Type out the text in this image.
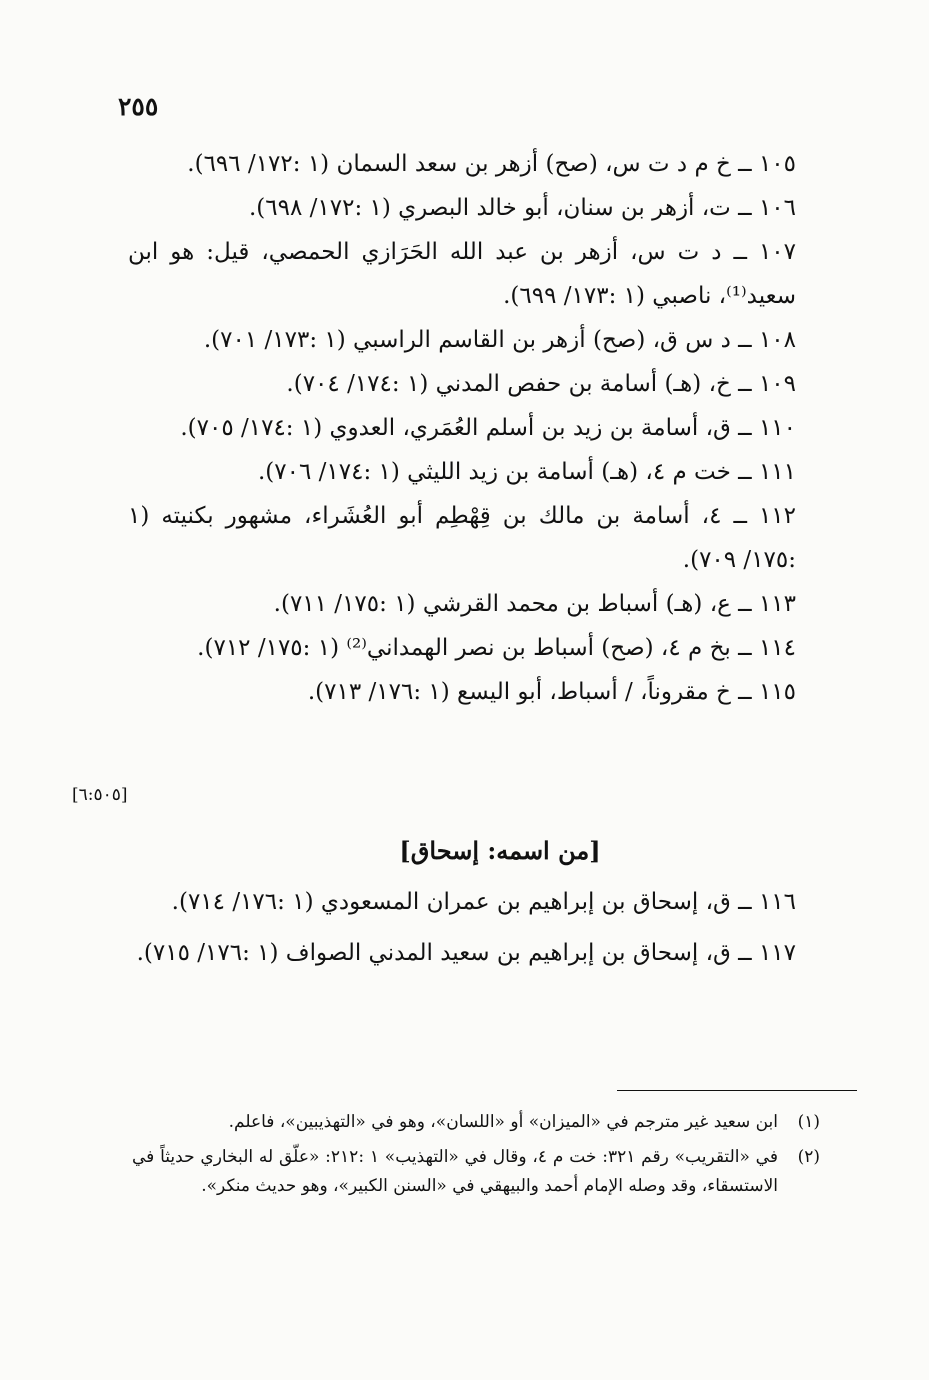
٢٥٥

١٠٥ ــ خ م د ت س، (صح) أزهر بن سعد السمان (١ :١٧٢/ ٦٩٦).

١٠٦ ــ ت، أزهر بن سنان، أبو خالد البصري (١ :١٧٢/ ٦٩٨).

١٠٧ ــ د ت س، أزهر بن عبد الله الحَرَازي الحمصي، قيل: هو ابن سعيد⁽¹⁾، ناصبي (١ :١٧٣/ ٦٩٩).

١٠٨ ــ د س ق، (صح) أزهر بن القاسم الراسبي (١ :١٧٣/ ٧٠١).

١٠٩ ــ خ، (هـ) أسامة بن حفص المدني (١ :١٧٤/ ٧٠٤).

١١٠ ــ ق، أسامة بن زيد بن أسلم العُمَري، العدوي (١ :١٧٤/ ٧٠٥).

١١١ ــ خت م ٤، (هـ) أسامة بن زيد الليثي (١ :١٧٤/ ٧٠٦).

١١٢ ــ ٤، أسامة بن مالك بن قِهْطِم أبو العُشَراء، مشهور بكنيته (١ :١٧٥/ ٧٠٩).

١١٣ ــ ع، (هـ) أسباط بن محمد القرشي (١ :١٧٥/ ٧١١).

١١٤ ــ بخ م ٤، (صح) أسباط بن نصر الهمداني⁽²⁾ (١ :١٧٥/ ٧١٢).

١١٥ ــ خ مقروناً، / أسباط، أبو اليسع (١ :١٧٦/ ٧١٣).

[٦:٥٠٥]
[من اسمه: إسحاق]

١١٦ ــ ق، إسحاق بن إبراهيم بن عمران المسعودي (١ :١٧٦/ ٧١٤).

١١٧ ــ ق، إسحاق بن إبراهيم بن سعيد المدني الصواف (١ :١٧٦/ ٧١٥).

(١)
ابن سعيد غير مترجم في «الميزان» أو «اللسان»، وهو في «التهذيبين»، فاعلم.
(٢)
في «التقريب» رقم ٣٢١: خت م ٤، وقال في «التهذيب» ١ :٢١٢: «علّق له البخاري حديثاً في الاستسقاء، وقد وصله الإمام أحمد والبيهقي في «السنن الكبير»، وهو حديث منكر».
